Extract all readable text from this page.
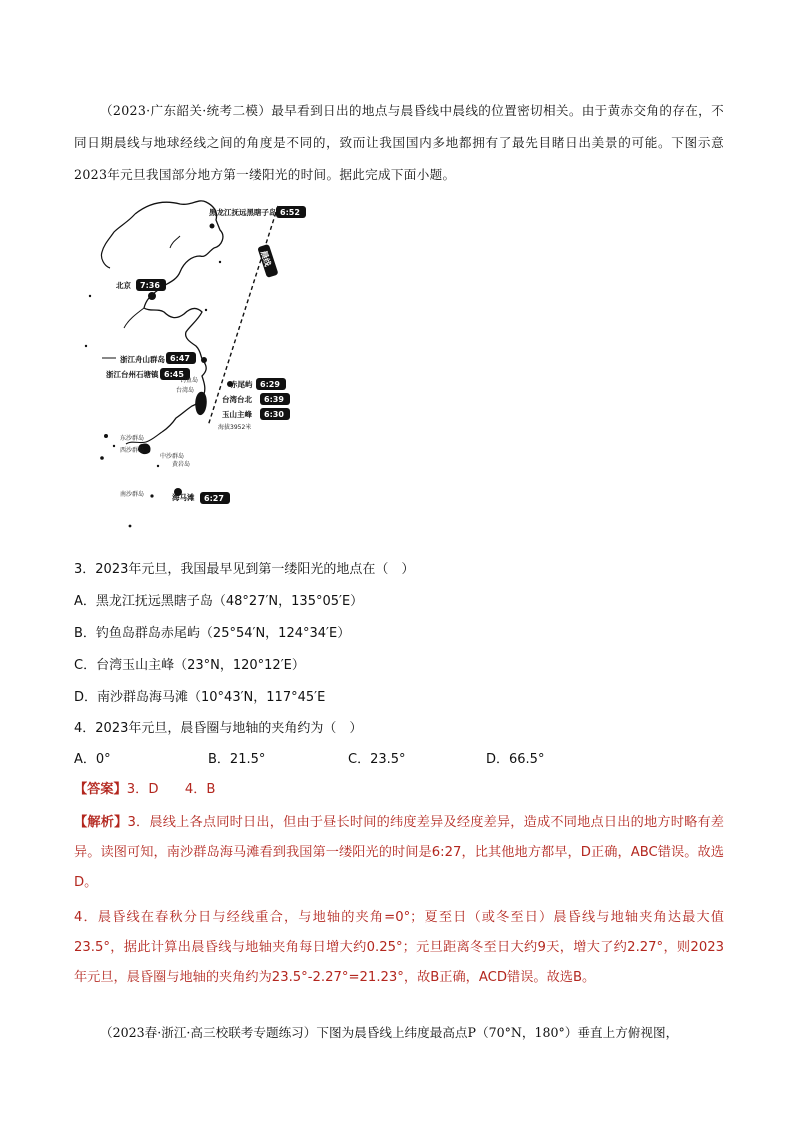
（2023·广东韶关·统考二模）最早看到日出的地点与晨昏线中晨线的位置密切相关。由于黄赤交角的存在，不同日期晨线与地球经线之间的角度是不同的，致而让我国国内多地都拥有了最先目睹日出美景的可能。下图示意2023年元旦我国部分地方第一缕阳光的时间。据此完成下面小题。
晨线
黑龙江抚远黑瞎子岛 6:52
北京 7:36
浙江舟山群岛 6:47
浙江台州石塘镇 6:45
赤尾屿 6:29
台湾台北 6:39
玉山主峰 6:30
海拔3952米
海马滩 6:27
台湾岛
钓鱼岛
东沙群岛
西沙群岛
中沙群岛
黄岩岛
南沙群岛
3．2023年元旦，我国最早见到第一缕阳光的地点在（　）
A．黑龙江抚远黑瞎子岛（48°27′N，135°05′E）
B．钓鱼岛群岛赤尾屿（25°54′N，124°34′E）
C．台湾玉山主峰（23°N，120°12′E）
D．南沙群岛海马滩（10°43′N，117°45′E
4．2023年元旦，晨昏圈与地轴的夹角约为（　）
A．0°	B．21.5°	C．23.5°	D．66.5°
【答案】3．D　　4．B
【解析】3．晨线上各点同时日出，但由于昼长时间的纬度差异及经度差异，造成不同地点日出的地方时略有差异。读图可知，南沙群岛海马滩看到我国第一缕阳光的时间是6:27，比其他地方都早，D正确，ABC错误。故选D。
4．晨昏线在春秋分日与经线重合，与地轴的夹角=0°；夏至日（或冬至日）晨昏线与地轴夹角达最大值23.5°，据此计算出晨昏线与地轴夹角每日增大约0.25°；元旦距离冬至日大约9天，增大了约2.27°，则2023年元旦，晨昏圈与地轴的夹角约为23.5°-2.27°=21.23°，故B正确，ACD错误。故选B。
（2023春·浙江·高三校联考专题练习）下图为晨昏线上纬度最高点P（70°N，180°）垂直上方俯视图，
